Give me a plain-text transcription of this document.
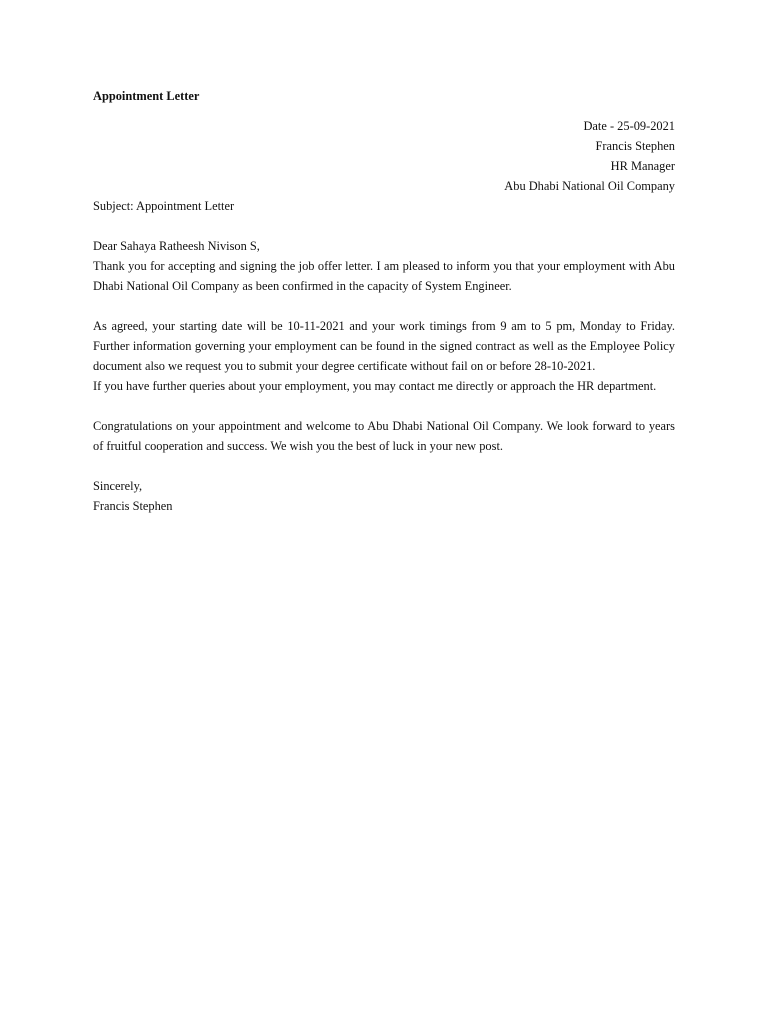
Appointment Letter

Date - 25-09-2021
Francis Stephen
HR Manager
Abu Dhabi National Oil Company

Subject: Appointment Letter

Dear Sahaya Ratheesh Nivison S,

Thank you for accepting and signing the job offer letter. I am pleased to inform you that your employment with Abu Dhabi National Oil Company as been confirmed in the capacity of System Engineer.

As agreed, your starting date will be 10-11-2021 and your work timings from 9 am to 5 pm, Monday to Friday. Further information governing your employment can be found in the signed contract as well as the Employee Policy document also we request you to submit your degree certificate without fail on or before 28-10-2021.

If you have further queries about your employment, you may contact me directly or approach the HR department.

Congratulations on your appointment and welcome to Abu Dhabi National Oil Company. We look forward to years of fruitful cooperation and success. We wish you the best of luck in your new post.

Sincerely,

Francis Stephen
